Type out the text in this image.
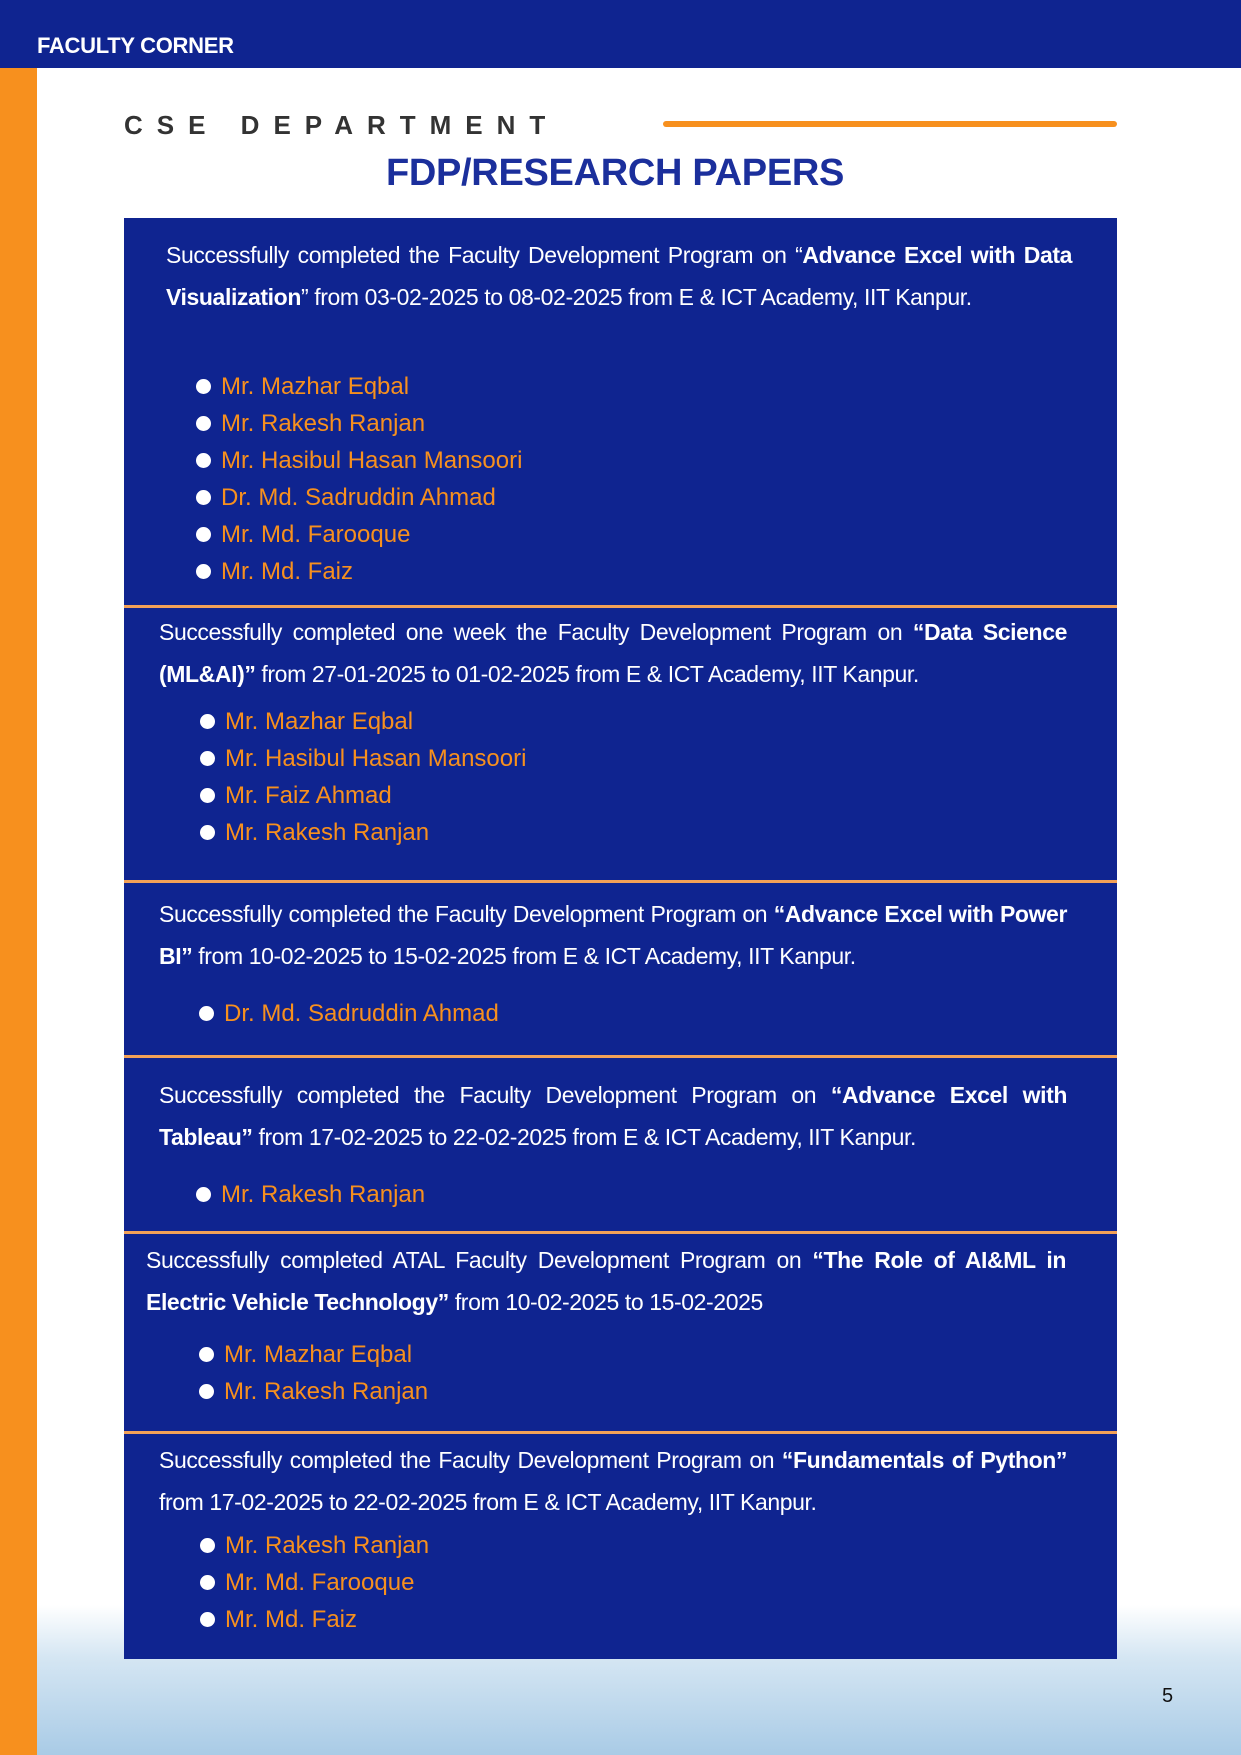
FACULTY CORNER
CSE DEPARTMENT
FDP/RESEARCH PAPERS
Successfully completed the Faculty Development Program on “Advance Excel with Data Visualization” from 03-02-2025 to 08-02-2025 from E & ICT Academy, IIT Kanpur.
Mr. Mazhar Eqbal
Mr. Rakesh Ranjan
Mr. Hasibul Hasan Mansoori
Dr. Md. Sadruddin Ahmad
Mr. Md. Farooque
Mr. Md. Faiz
Successfully completed one week the Faculty Development Program on “Data Science (ML&AI)” from 27-01-2025 to 01-02-2025 from E & ICT Academy, IIT Kanpur.
Mr. Mazhar Eqbal
Mr. Hasibul Hasan Mansoori
Mr. Faiz Ahmad
Mr. Rakesh Ranjan
Successfully completed the Faculty Development Program on “Advance Excel with Power BI” from 10-02-2025 to 15-02-2025 from E & ICT Academy, IIT Kanpur.
Dr. Md. Sadruddin Ahmad
Successfully completed the Faculty Development Program on “Advance Excel with Tableau” from 17-02-2025 to 22-02-2025 from E & ICT Academy, IIT Kanpur.
Mr. Rakesh Ranjan
Successfully completed ATAL Faculty Development Program on “The Role of AI&ML in Electric Vehicle Technology” from 10-02-2025 to 15-02-2025
Mr. Mazhar Eqbal
Mr. Rakesh Ranjan
Successfully completed the Faculty Development Program on “Fundamentals of Python” from 17-02-2025 to 22-02-2025 from E & ICT Academy, IIT Kanpur.
Mr. Rakesh Ranjan
Mr. Md. Farooque
Mr. Md. Faiz
5
